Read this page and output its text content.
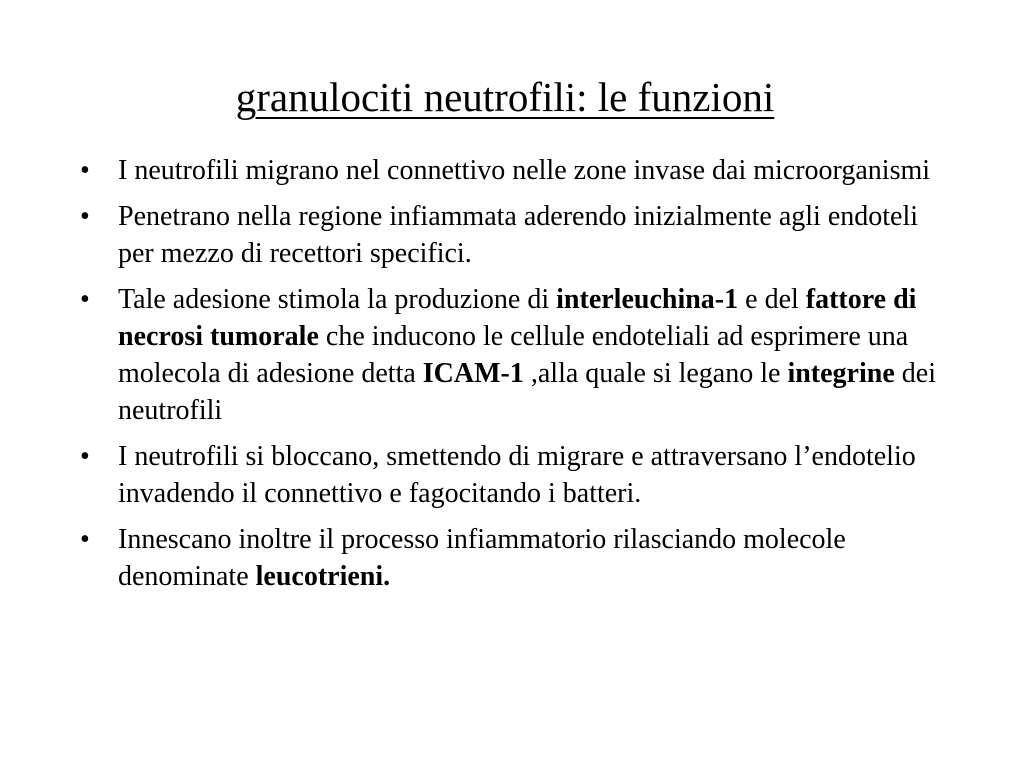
granulociti neutrofili: le funzioni
•	I neutrofili migrano nel connettivo nelle zone invase dai microorganismi
•	Penetrano nella regione infiammata aderendo inizialmente agli endoteli per mezzo di recettori specifici.
•	Tale adesione stimola la produzione di interleuchina-1 e del fattore di necrosi tumorale che inducono le cellule endoteliali ad esprimere una molecola di adesione detta ICAM-1 ,alla quale si legano le integrine dei neutrofili
•	I neutrofili si bloccano, smettendo di migrare e attraversano l’endotelio invadendo il connettivo e fagocitando i batteri.
•	Innescano inoltre il processo infiammatorio rilasciando molecole denominate leucotrieni.
